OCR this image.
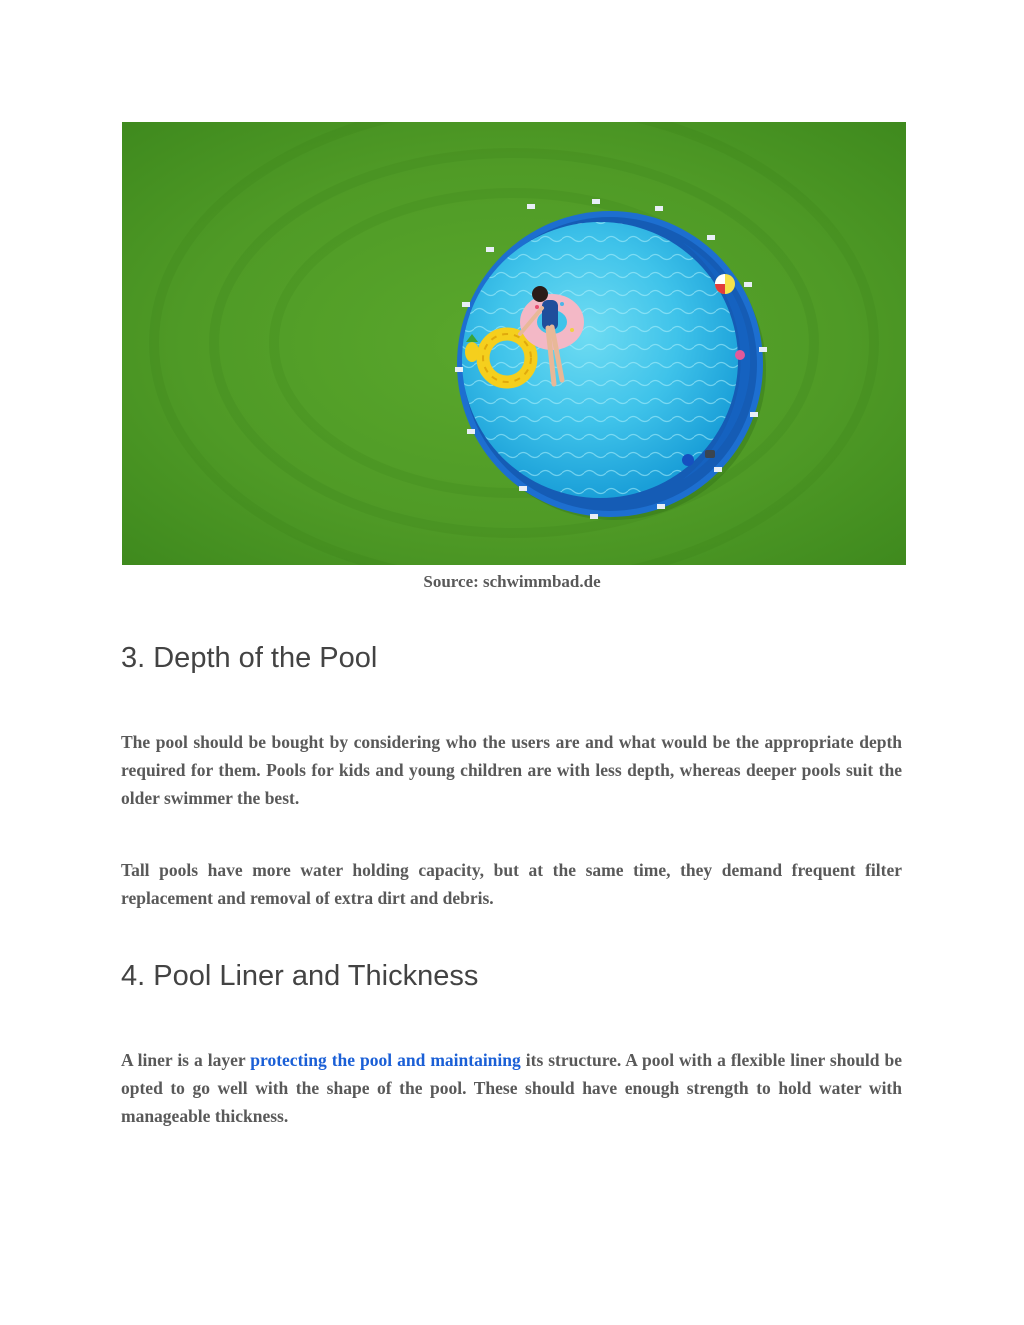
Source: schwimmbad.de
3. Depth of the Pool

The pool should be bought by considering who the users are and what would be the appropriate depth required for them. Pools for kids and young children are with less depth, whereas deeper pools suit the older swimmer the best.

Tall pools have more water holding capacity, but at the same time, they demand frequent filter replacement and removal of extra dirt and debris.

4. Pool Liner and Thickness

A liner is a layer protecting the pool and maintaining its structure. A pool with a flexible liner should be opted to go well with the shape of the pool. These should have enough strength to hold water with manageable thickness.
